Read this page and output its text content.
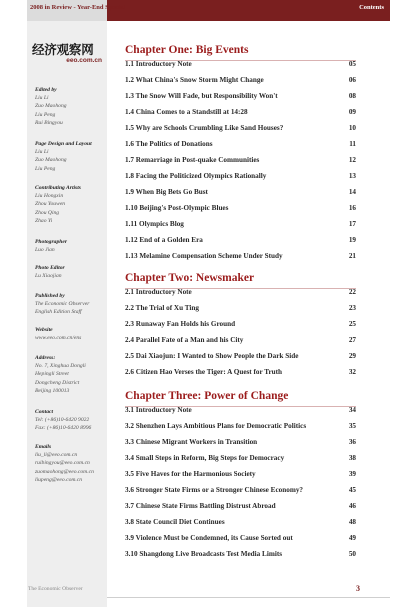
2008 in Review - Year-End Special	Contents
经济观察网
eeo.com.cn
Edited by
Liu Li
Zuo Maohong
Liu Peng
Rui Bingyou
Page Design and Layout
Liu Li
Zuo Maohong
Liu Peng
Contributing Artists
Liu Hongxin
Zhou Youwen
Zhou Qing
Zhao Yi
Photographer
Luo Jian
Photo Editor
Lu Xiaojian
Published by
The Economic Observer
English Edition Staff
Website
www.eeo.com.cn/ens
Address:
No. 7, Xinghua Dongli
Hepingli Street
Dongcheng District
Beijing 100013
Contact
Tel: (+86)10-6420 9022
Fax: (+86)10-6420 8996
Emails
liu_li@eeo.com.cn
ruibingyou@eeo.com.cn
zuomaohong@eeo.com.cn
liupeng@eeo.com.cn
Chapter One: Big Events
1.1 Introductory Note	05
1.2 What China's Snow Storm Might Change	06
1.3 The Snow Will Fade, but Responsibility Won't	08
1.4 China Comes to a Standstill at 14:28	09
1.5 Why are Schools Crumbling Like Sand Houses?	10
1.6 The Politics of Donations	11
1.7 Remarriage in Post-quake Communities	12
1.8 Facing the Politicized Olympics Rationally	13
1.9 When Big Bets Go Bust	14
1.10 Beijing's Post-Olympic Blues	16
1.11 Olympics Blog	17
1.12 End of a Golden Era	19
1.13 Melamine Compensation Scheme Under Study	21
Chapter Two: Newsmaker
2.1 Introductory Note	22
2.2 The Trial of Xu Ting	23
2.3 Runaway Fan Holds his Ground	25
2.4 Parallel Fate of a Man and his City	27
2.5 Dai Xiaojun: I Wanted to Show People the Dark Side	29
2.6 Citizen Hao Verses the Tiger: A Quest for Truth	32
Chapter Three: Power of Change
3.1 Introductory Note	34
3.2 Shenzhen Lays Ambitious Plans for Democratic Politics	35
3.3 Chinese Migrant Workers in Transition	36
3.4 Small Steps in Reform, Big Steps for Democracy	38
3.5 Five Haves for the Harmonious Society	39
3.6 Stronger State Firms or a Stronger Chinese Economy?	45
3.7 Chinese State Firms Battling Distrust Abroad	46
3.8 State Council Diet Continues	48
3.9 Violence Must be Condemned, its Cause Sorted out	49
3.10 Shangdong Live Broadcasts Test Media Limits	50
The Economic Observer	3
